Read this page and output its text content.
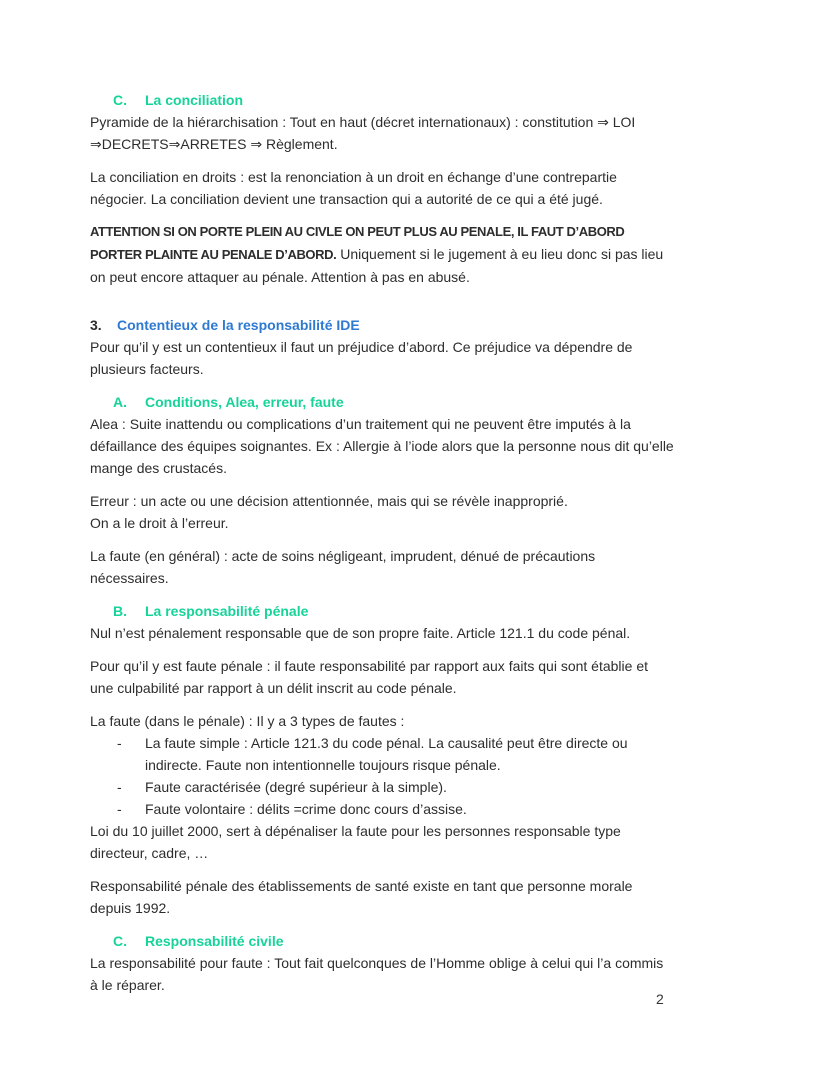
C.	La conciliation
Pyramide de la hiérarchisation : Tout en haut (décret internationaux) : constitution ⇒ LOI
⇒DECRETS⇒ARRETES ⇒ Règlement.
La conciliation en droits : est la renonciation à un droit en échange d’une contrepartie
négocier. La conciliation devient une transaction qui a autorité de ce qui a été jugé.
ATTENTION SI ON PORTE PLEIN AU CIVLE ON PEUT PLUS AU PENALE, IL FAUT D’ABORD
PORTER PLAINTE AU PENALE D’ABORD. Uniquement si le jugement à eu lieu donc si pas lieu
on peut encore attaquer au pénale. Attention à pas en abusé.
3.	Contentieux de la responsabilité IDE
Pour qu’il y est un contentieux il faut un préjudice d’abord. Ce préjudice va dépendre de
plusieurs facteurs.
A.	Conditions, Alea, erreur, faute
Alea : Suite inattendu ou complications d’un traitement qui ne peuvent être imputés à la
défaillance des équipes soignantes. Ex : Allergie à l’iode alors que la personne nous dit qu’elle
mange des crustacés.
Erreur : un acte ou une décision attentionnée, mais qui se révèle inapproprié.
On a le droit à l’erreur.
La faute (en général) : acte de soins négligeant, imprudent, dénué de précautions
nécessaires.
B.	La responsabilité pénale
Nul n’est pénalement responsable que de son propre faite. Article 121.1 du code pénal.
Pour qu’il y est faute pénale : il faute responsabilité par rapport aux faits qui sont établie et
une culpabilité par rapport à un délit inscrit au code pénale.
La faute (dans le pénale) : Il y a 3 types de fautes :
-	La faute simple : Article 121.3 du code pénal. La causalité peut être directe ou
indirecte. Faute non intentionnelle toujours risque pénale.
-	Faute caractérisée (degré supérieur à la simple).
-	Faute volontaire : délits =crime donc cours d’assise.
Loi du 10 juillet 2000, sert à dépénaliser la faute pour les personnes responsable type
directeur, cadre, …
Responsabilité pénale des établissements de santé existe en tant que personne morale
depuis 1992.
C.	Responsabilité civile
La responsabilité pour faute : Tout fait quelconques de l’Homme oblige à celui qui l’a commis
à le réparer.
2
